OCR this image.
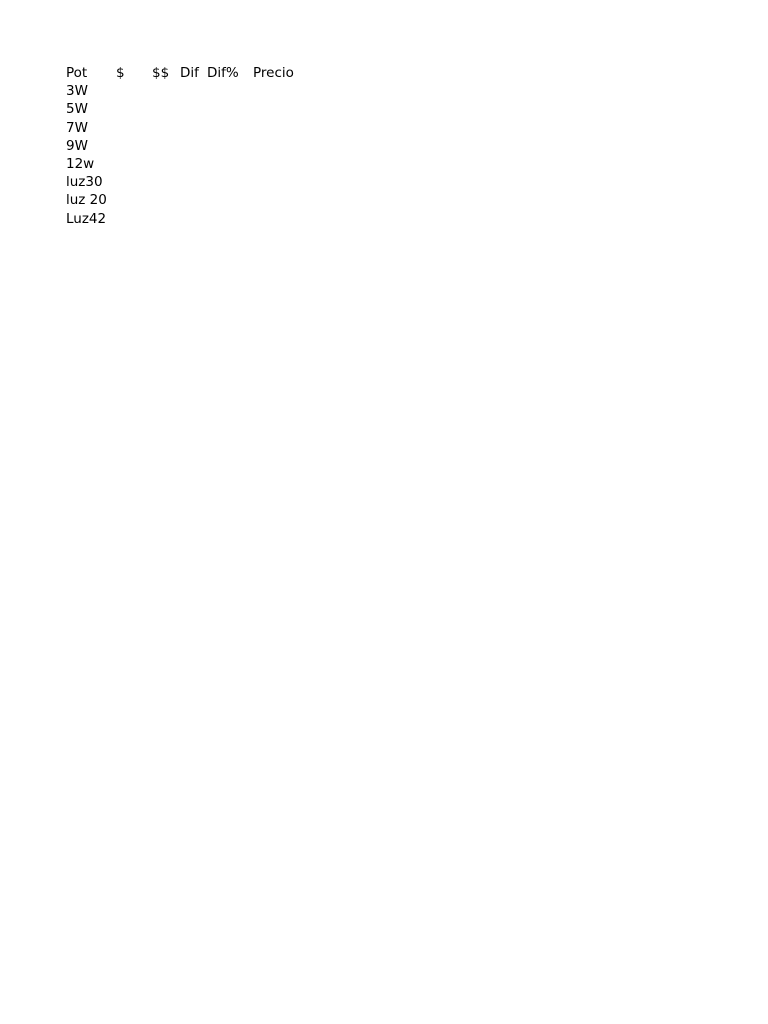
Pot $ $$ Dif Dif% Precio
3W
5W
7W
9W
12w
luz30
luz 20
Luz42
